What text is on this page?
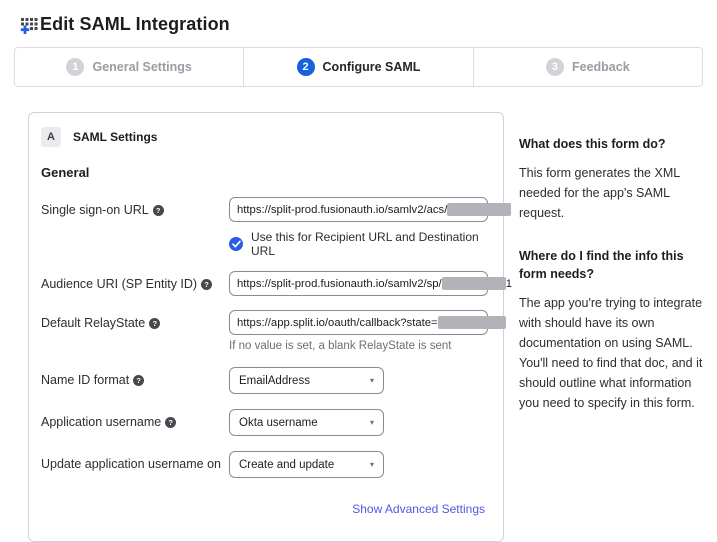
Edit SAML Integration
1	General Settings	2	Configure SAML	3	Feedback
A	SAML Settings
General
Single sign-on URL ?	https://split-prod.fusionauth.io/samlv2/acs/
Use this for Recipient URL and Destination URL
Audience URI (SP Entity ID) ?	https://split-prod.fusionauth.io/samlv2/sp/	1
Default RelayState ?	https://app.split.io/oauth/callback?state=
If no value is set, a blank RelayState is sent
Name ID format ?	EmailAddress	▾
Application username ?	Okta username	▾
Update application username on	Create and update	▾
Show Advanced Settings
What does this form do?
This form generates the XML needed for the app's SAML request.
Where do I find the info this form needs?
The app you're trying to integrate with should have its own documentation on using SAML. You'll need to find that doc, and it should outline what information you need to specify in this form.
